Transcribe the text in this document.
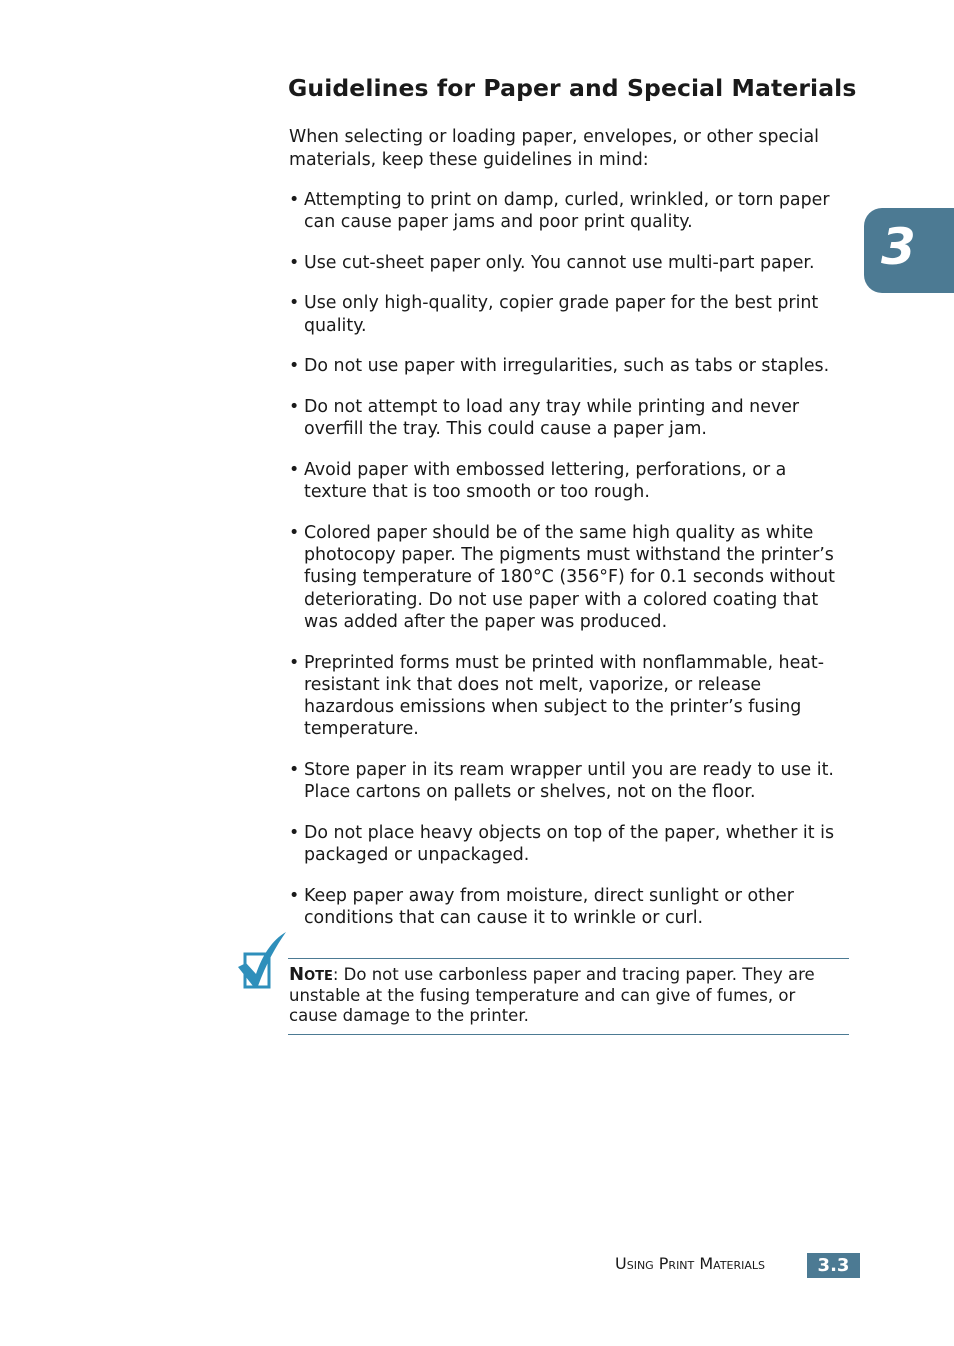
Guidelines for Paper and Special Materials
When selecting or loading paper, envelopes, or other special
materials, keep these guidelines in mind:
• Attempting to print on damp, curled, wrinkled, or torn paper
can cause paper jams and poor print quality.
• Use cut-sheet paper only. You cannot use multi-part paper.
• Use only high-quality, copier grade paper for the best print
quality.
• Do not use paper with irregularities, such as tabs or staples.
• Do not attempt to load any tray while printing and never
overfill the tray. This could cause a paper jam.
• Avoid paper with embossed lettering, perforations, or a
texture that is too smooth or too rough.
• Colored paper should be of the same high quality as white
photocopy paper. The pigments must withstand the printer’s
fusing temperature of 180°C (356°F) for 0.1 seconds without
deteriorating. Do not use paper with a colored coating that
was added after the paper was produced.
• Preprinted forms must be printed with nonflammable, heat-
resistant ink that does not melt, vaporize, or release
hazardous emissions when subject to the printer’s fusing
temperature.
• Store paper in its ream wrapper until you are ready to use it.
Place cartons on pallets or shelves, not on the floor.
• Do not place heavy objects on top of the paper, whether it is
packaged or unpackaged.
• Keep paper away from moisture, direct sunlight or other
conditions that can cause it to wrinkle or curl.
3
Note: Do not use carbonless paper and tracing paper. They are
unstable at the fusing temperature and can give of fumes, or
cause damage to the printer.
Using Print Materials	3.3
